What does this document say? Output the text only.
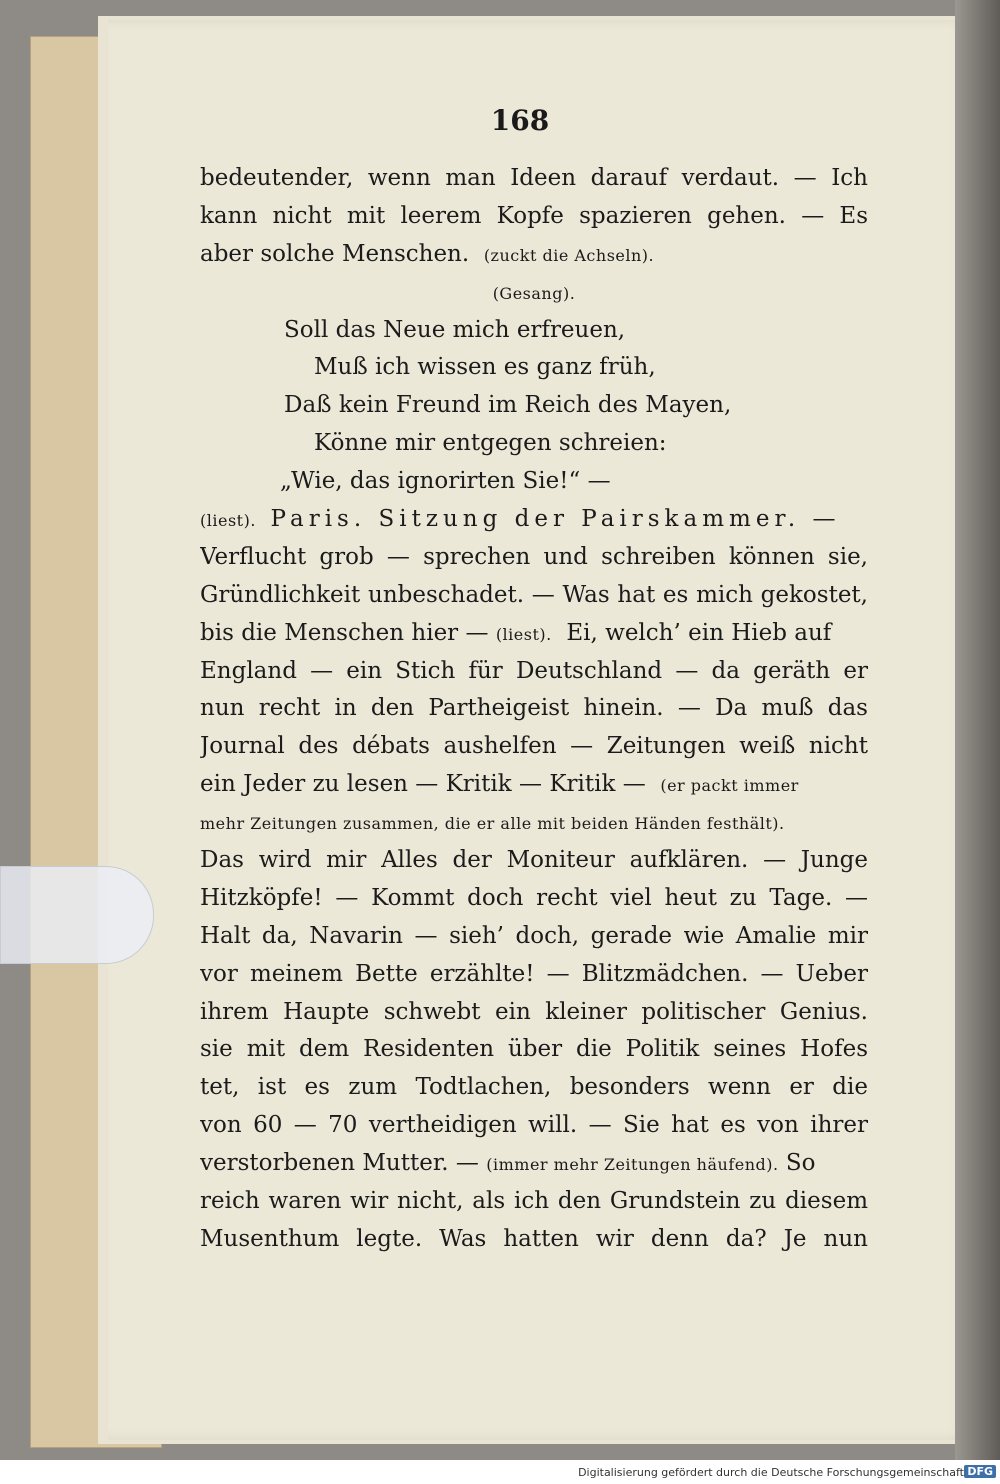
168
bedeutender, wenn man Ideen darauf verdaut. — Ich
kann nicht mit leerem Kopfe spazieren gehen. — Es
aber solche Menschen. (zuckt die Achseln).
(Gesang).
Soll das Neue mich erfreuen,
Muß ich wissen es ganz früh,
Daß kein Freund im Reich des Mayen,
Könne mir entgegen schreien:
„Wie, das ignorirten Sie!“ —
(liest). Paris. Sitzung der Pairskammer. —
Verflucht grob — sprechen und schreiben können sie,
Gründlichkeit unbeschadet. — Was hat es mich gekostet,
bis die Menschen hier — (liest). Ei, welch’ ein Hieb auf
England — ein Stich für Deutschland — da geräth er
nun recht in den Partheigeist hinein. — Da muß das
Journal des débats aushelfen — Zeitungen weiß nicht
ein Jeder zu lesen — Kritik — Kritik — (er packt immer
mehr Zeitungen zusammen, die er alle mit beiden Händen festhält).
Das wird mir Alles der Moniteur aufklären. — Junge
Hitzköpfe! — Kommt doch recht viel heut zu Tage. —
Halt da, Navarin — sieh’ doch, gerade wie Amalie mir
vor meinem Bette erzählte! — Blitzmädchen. — Ueber
ihrem Haupte schwebt ein kleiner politischer Genius.
sie mit dem Residenten über die Politik seines Hofes
tet, ist es zum Todtlachen, besonders wenn er die
von 60 — 70 vertheidigen will. — Sie hat es von ihrer
verstorbenen Mutter. — (immer mehr Zeitungen häufend). So
reich waren wir nicht, als ich den Grundstein zu diesem
Musenthum legte. Was hatten wir denn da? Je nun
Digitalisierung gefördert durch die Deutsche Forschungsgemeinschaft DFG
